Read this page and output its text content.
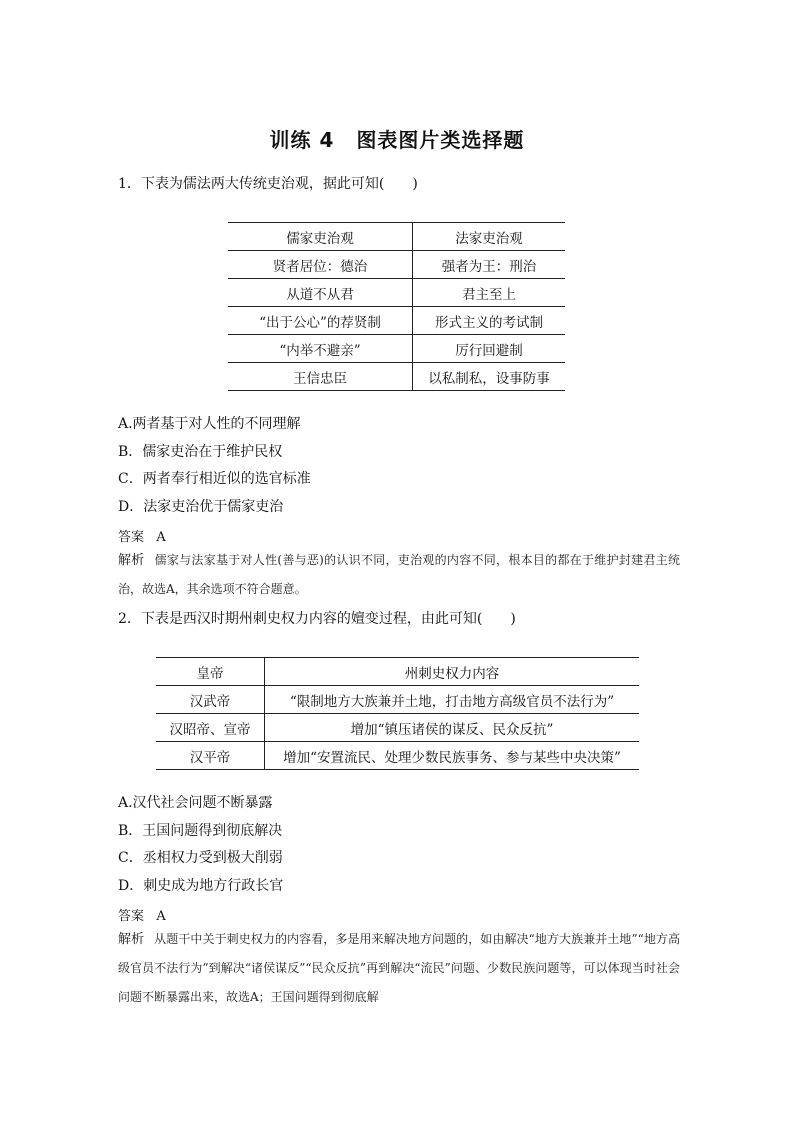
训练 4 图表图片类选择题
1．下表为儒法两大传统吏治观，据此可知(　　)
儒家吏治观	法家吏治观
贤者居位：德治	强者为王：刑治
从道不从君	君主至上
“出于公心”的荐贤制	形式主义的考试制
“内举不避亲”	厉行回避制
王信忠臣	以私制私，设事防事
A.两者基于对人性的不同理解
B．儒家吏治在于维护民权
C．两者奉行相近似的选官标准
D．法家吏治优于儒家吏治
答案 A
解析 儒家与法家基于对人性(善与恶)的认识不同，吏治观的内容不同，根本目的都在于维护封建君主统治，故选A，其余选项不符合题意。
2．下表是西汉时期州刺史权力内容的嬗变过程，由此可知(　　)
皇帝	州刺史权力内容
汉武帝	“限制地方大族兼并土地，打击地方高级官员不法行为”
汉昭帝、宣帝	增加“镇压诸侯的谋反、民众反抗”
汉平帝	增加“安置流民、处理少数民族事务、参与某些中央决策”
A.汉代社会问题不断暴露
B．王国问题得到彻底解决
C．丞相权力受到极大削弱
D．刺史成为地方行政长官
答案 A
解析 从题干中关于刺史权力的内容看，多是用来解决地方问题的，如由解决“地方大族兼并土地”“地方高级官员不法行为”到解决“诸侯谋反”“民众反抗”再到解决“流民”问题、少数民族问题等，可以体现当时社会问题不断暴露出来，故选A；王国问题得到彻底解
